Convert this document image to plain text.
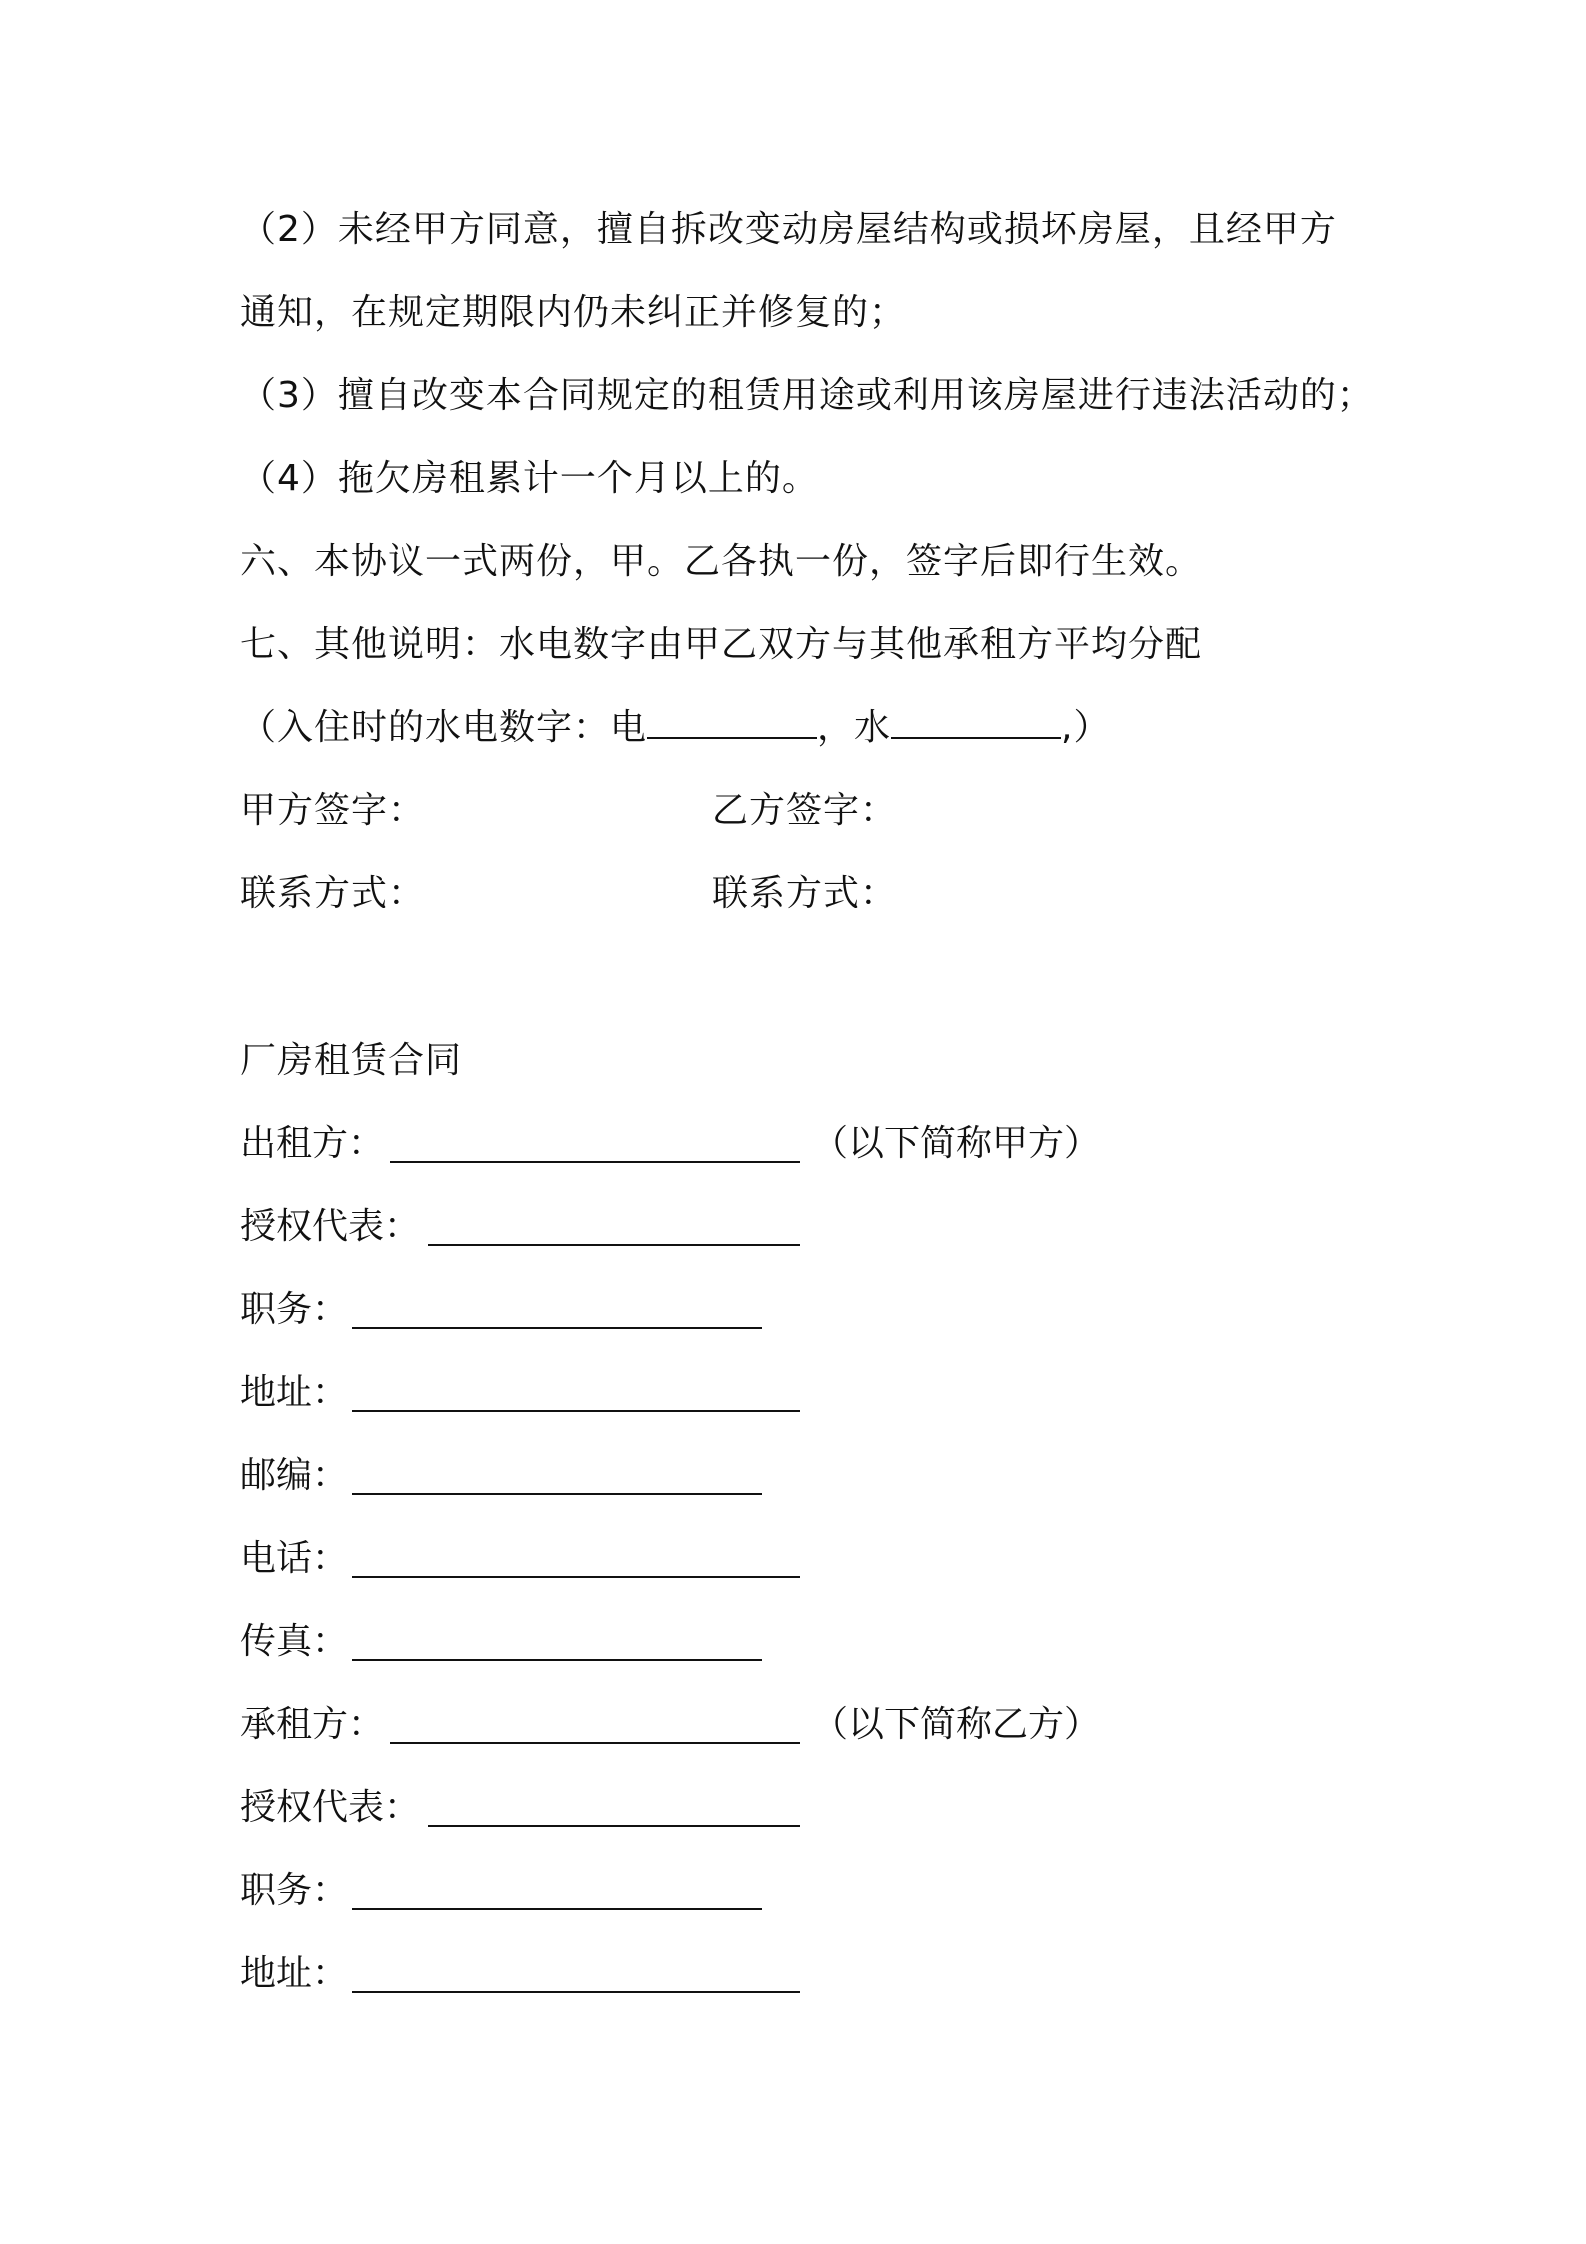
（2）未经甲方同意，擅自拆改变动房屋结构或损坏房屋，且经甲方
通知，在规定期限内仍未纠正并修复的；
（3）擅自改变本合同规定的租赁用途或利用该房屋进行违法活动的；
（4）拖欠房租累计一个月以上的。
六、本协议一式两份，甲。乙各执一份，签字后即行生效。
七、其他说明：水电数字由甲乙双方与其他承租方平均分配
（入住时的水电数字：电	，水	,）
甲方签字：	乙方签字：
联系方式：	联系方式：
厂房租赁合同
出租方：	（以下简称甲方）
授权代表：
职务：
地址：
邮编：
电话：
传真：
承租方：	（以下简称乙方）
授权代表：
职务：
地址：
